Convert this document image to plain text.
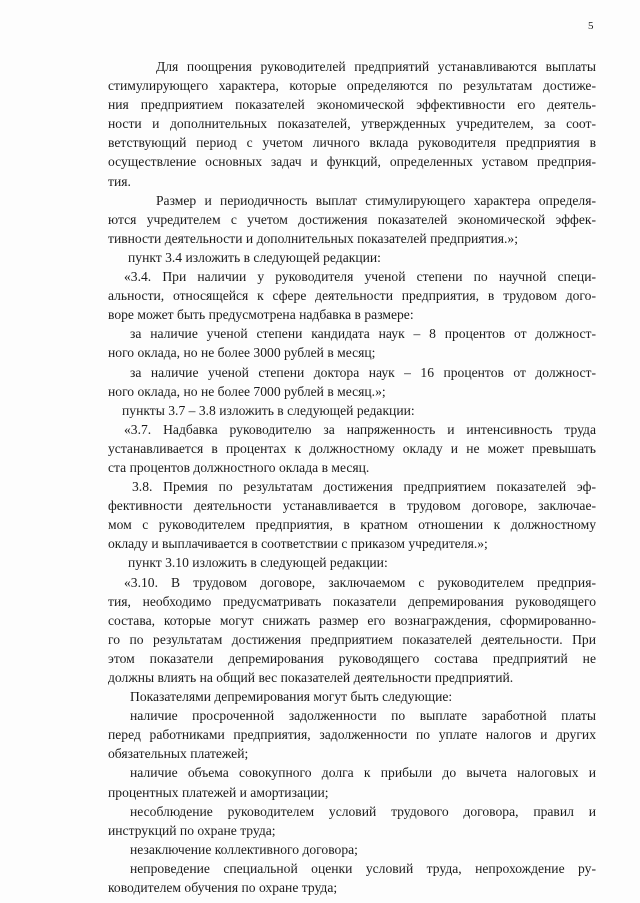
5
Для поощрения руководителей предприятий устанавливаются выплаты
стимулирующего характера, которые определяются по результатам достиже-
ния предприятием показателей экономической эффективности его деятель-
ности и дополнительных показателей, утвержденных учредителем, за соот-
ветствующий период с учетом личного вклада руководителя предприятия в
осуществление основных задач и функций, определенных уставом предприя-
тия.
Размер и периодичность выплат стимулирующего характера определя-
ются учредителем с учетом достижения показателей экономической эффек-
тивности деятельности и дополнительных показателей предприятия.»;
пункт 3.4 изложить в следующей редакции:
«3.4. При наличии у руководителя ученой степени по научной специ-
альности, относящейся к сфере деятельности предприятия, в трудовом дого-
воре может быть предусмотрена надбавка в размере:
за наличие ученой степени кандидата наук – 8 процентов от должност-
ного оклада, но не более 3000 рублей в месяц;
за наличие ученой степени доктора наук – 16 процентов от должност-
ного оклада, но не более 7000 рублей в месяц.»;
пункты 3.7 – 3.8 изложить в следующей редакции:
«3.7. Надбавка руководителю за напряженность и интенсивность труда
устанавливается в процентах к должностному окладу и не может превышать
ста процентов должностного оклада в месяц.
3.8. Премия по результатам достижения предприятием показателей эф-
фективности деятельности устанавливается в трудовом договоре, заключае-
мом с руководителем предприятия, в кратном отношении к должностному
окладу и выплачивается в соответствии с приказом учредителя.»;
пункт 3.10 изложить в следующей редакции:
«3.10. В трудовом договоре, заключаемом с руководителем предприя-
тия, необходимо предусматривать показатели депремирования руководящего
состава, которые могут снижать размер его вознаграждения, сформированно-
го по результатам достижения предприятием показателей деятельности. При
этом показатели депремирования руководящего состава предприятий не
должны влиять на общий вес показателей деятельности предприятий.
Показателями депремирования могут быть следующие:
наличие просроченной задолженности по выплате заработной платы
перед работниками предприятия, задолженности по уплате налогов и других
обязательных платежей;
наличие объема совокупного долга к прибыли до вычета налоговых и
процентных платежей и амортизации;
несоблюдение руководителем условий трудового договора, правил и
инструкций по охране труда;
незаключение коллективного договора;
непроведение специальной оценки условий труда, непрохождение ру-
ководителем обучения по охране труда;
